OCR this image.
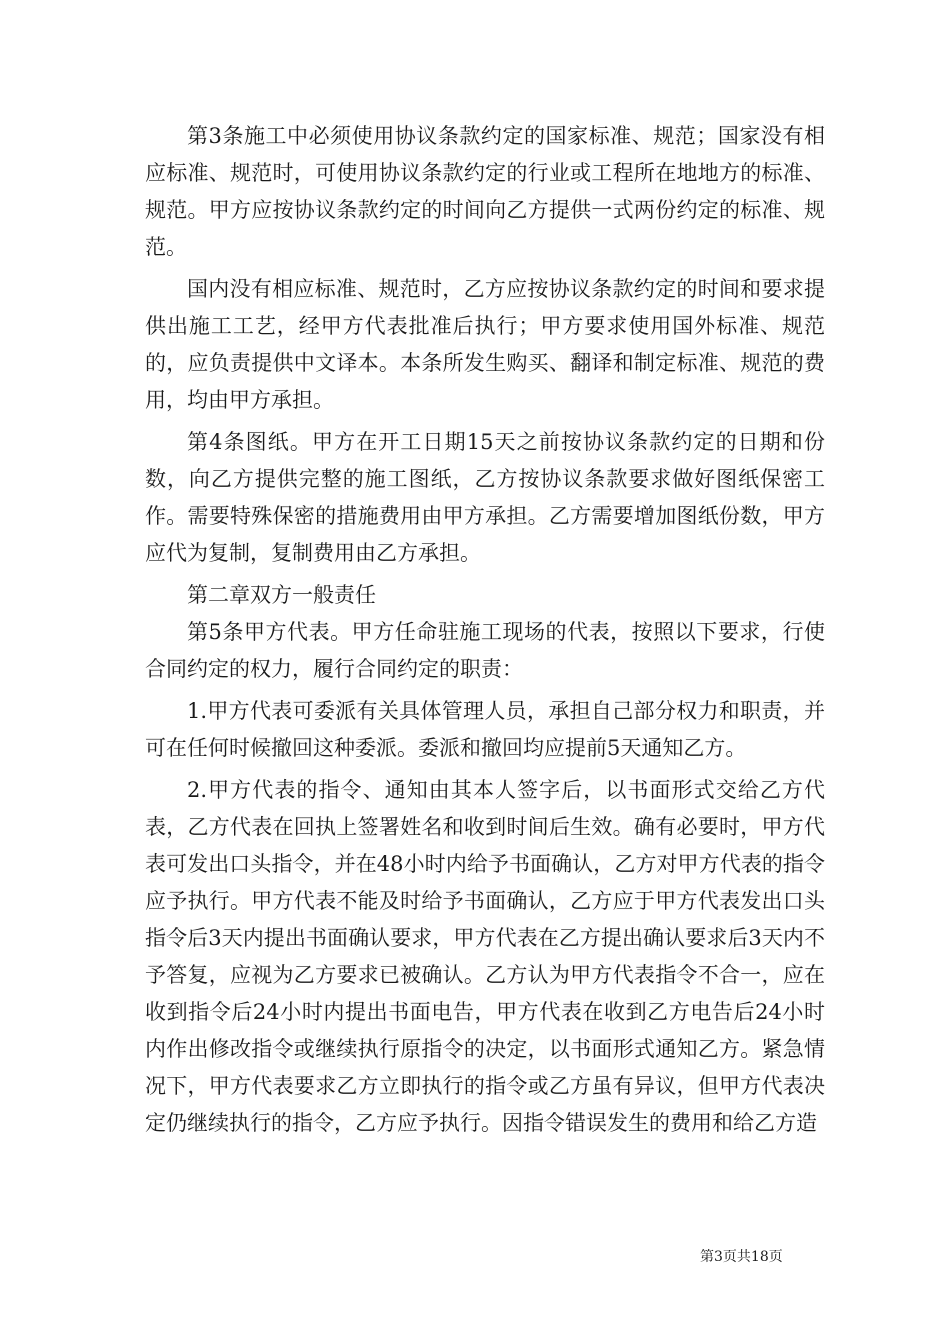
第3条施工中必须使用协议条款约定的国家标准、规范；国家没有相应标准、规范时，可使用协议条款约定的行业或工程所在地地方的标准、规范。甲方应按协议条款约定的时间向乙方提供一式两份约定的标准、规范。

国内没有相应标准、规范时，乙方应按协议条款约定的时间和要求提供出施工工艺，经甲方代表批准后执行；甲方要求使用国外标准、规范的，应负责提供中文译本。本条所发生购买、翻译和制定标准、规范的费用，均由甲方承担。

第4条图纸。甲方在开工日期15天之前按协议条款约定的日期和份数，向乙方提供完整的施工图纸，乙方按协议条款要求做好图纸保密工作。需要特殊保密的措施费用由甲方承担。乙方需要增加图纸份数，甲方应代为复制，复制费用由乙方承担。

第二章双方一般责任

第5条甲方代表。甲方任命驻施工现场的代表，按照以下要求，行使合同约定的权力，履行合同约定的职责：

1.甲方代表可委派有关具体管理人员，承担自己部分权力和职责，并可在任何时候撤回这种委派。委派和撤回均应提前5天通知乙方。

2.甲方代表的指令、通知由其本人签字后，以书面形式交给乙方代表，乙方代表在回执上签署姓名和收到时间后生效。确有必要时，甲方代表可发出口头指令，并在48小时内给予书面确认，乙方对甲方代表的指令应予执行。甲方代表不能及时给予书面确认，乙方应于甲方代表发出口头指令后3天内提出书面确认要求，甲方代表在乙方提出确认要求后3天内不予答复，应视为乙方要求已被确认。乙方认为甲方代表指令不合一，应在收到指令后24小时内提出书面电告，甲方代表在收到乙方电告后24小时内作出修改指令或继续执行原指令的决定，以书面形式通知乙方。紧急情况下，甲方代表要求乙方立即执行的指令或乙方虽有异议，但甲方代表决定仍继续执行的指令，乙方应予执行。因指令错误发生的费用和给乙方造

第3页共18页
